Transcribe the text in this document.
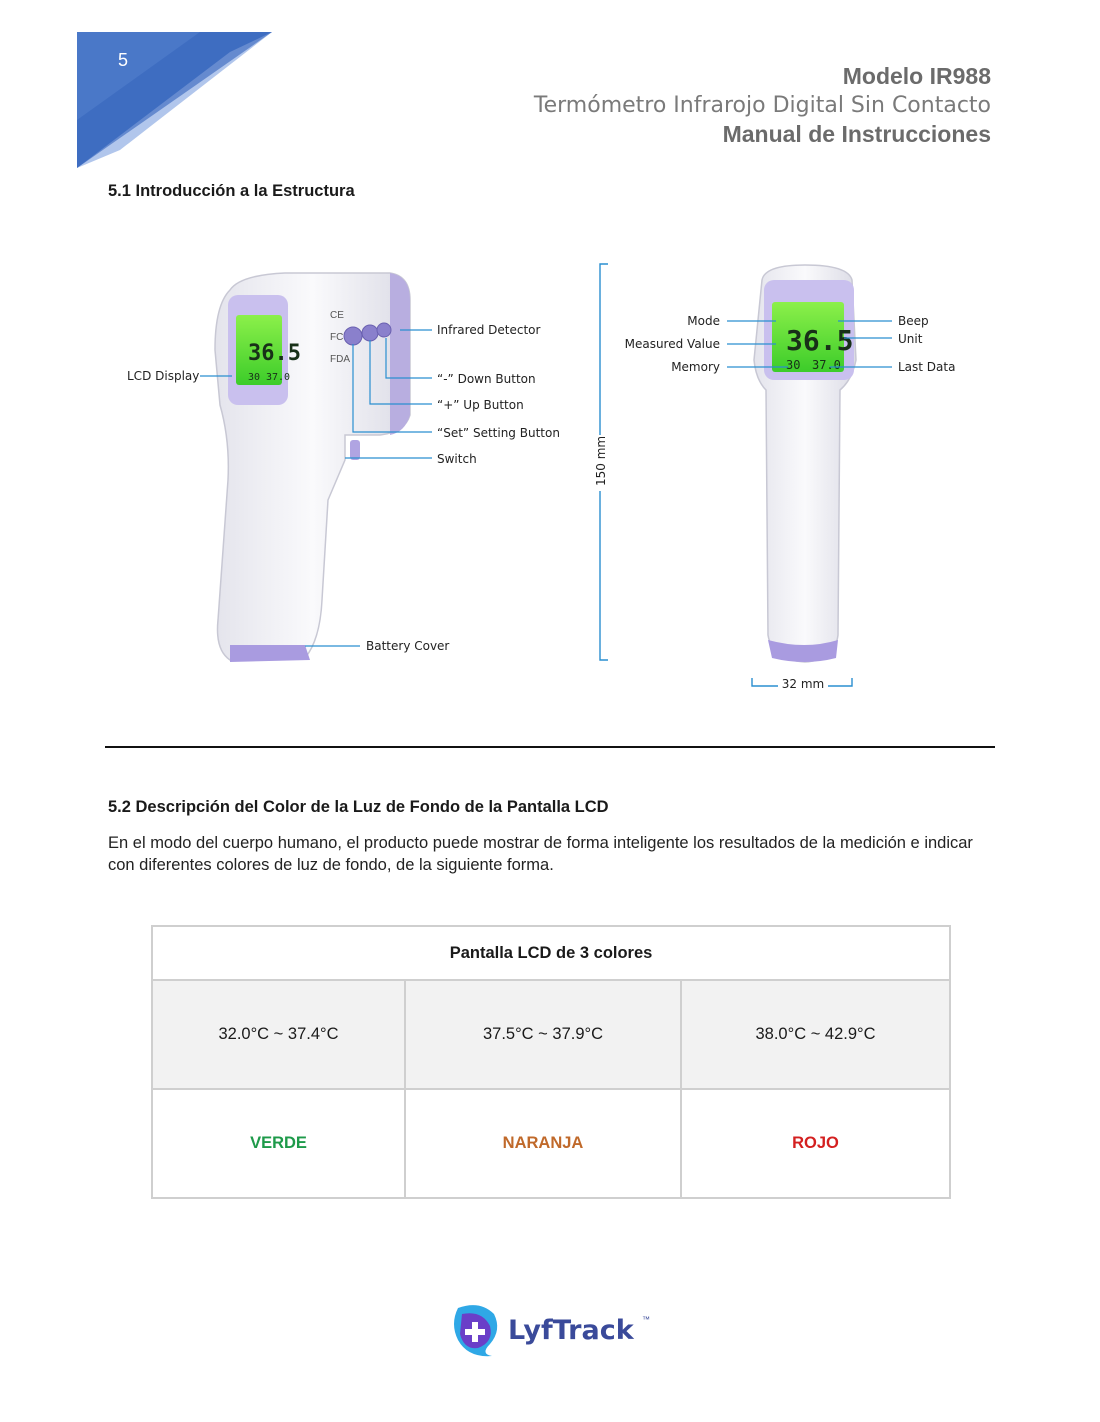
5
Modelo IR988
Termómetro Infrarojo Digital Sin Contacto
Manual de Instrucciones
5.1 Introducción a la Estructura
36.5
30 37.0
CE
FC
FDA
LCD Display
Infrared Detector
“-” Down Button
“+” Up Button
“Set” Setting Button
Switch
Battery Cover
150 mm
36.5
30 37.0
Mode
Measured Value
Memory
Beep
Unit
Last Data
32 mm
5.2 Descripción del Color de la Luz de Fondo de la Pantalla LCD
En el modo del cuerpo humano, el producto puede mostrar de forma inteligente los resultados de la medición e indicar con diferentes colores de luz de fondo, de la siguiente forma.
Pantalla LCD de 3 colores		
32.0°C ~ 37.4°C	37.5°C ~ 37.9°C	38.0°C ~ 42.9°C
VERDE	NARANJA	ROJO
LyfTrack ™
